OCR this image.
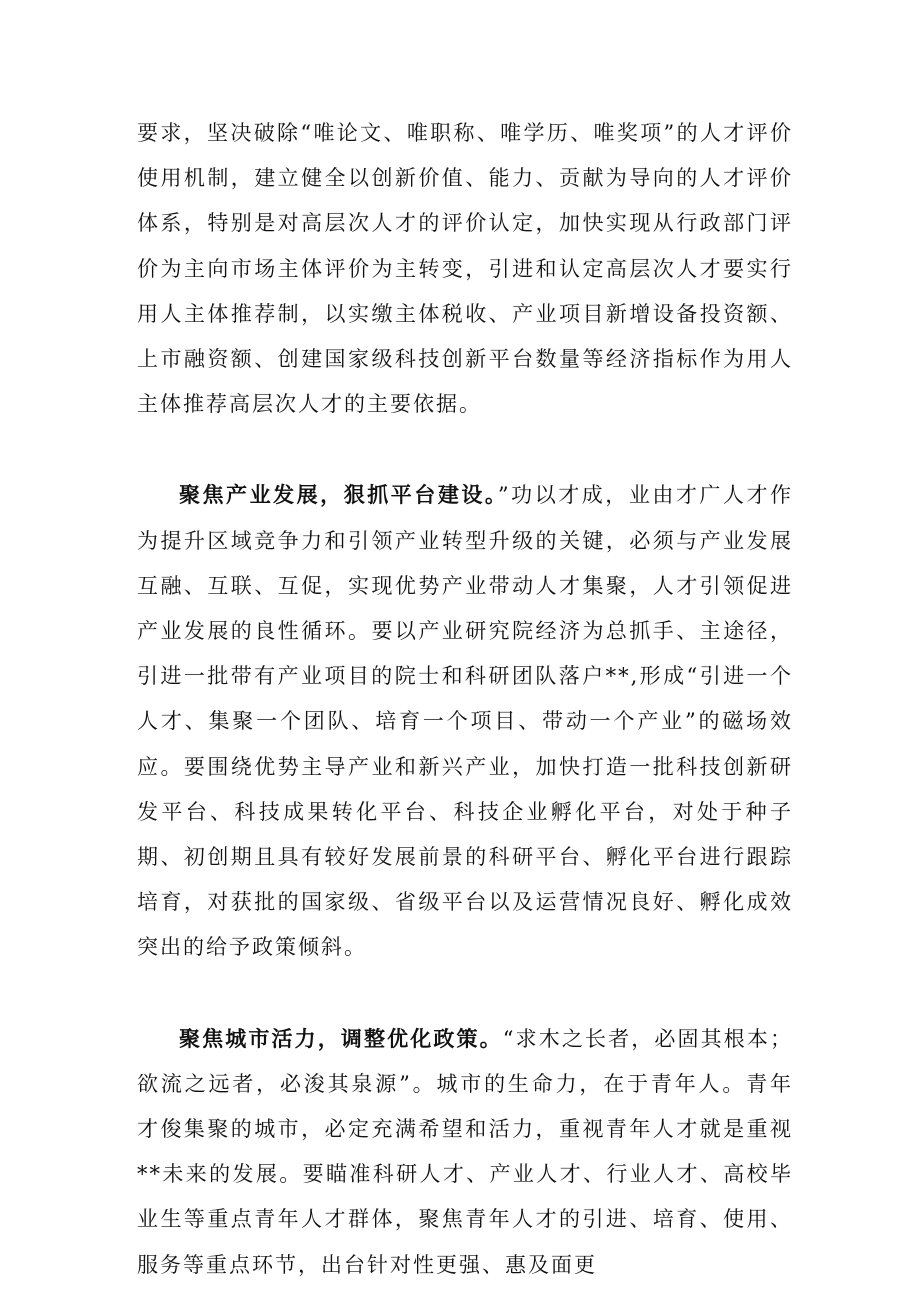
要求，坚决破除“唯论文、唯职称、唯学历、唯奖项”的人才评价使用机制，建立健全以创新价值、能力、贡献为导向的人才评价体系，特别是对高层次人才的评价认定，加快实现从行政部门评价为主向市场主体评价为主转变，引进和认定高层次人才要实行用人主体推荐制，以实缴主体税收、产业项目新增设备投资额、上市融资额、创建国家级科技创新平台数量等经济指标作为用人主体推荐高层次人才的主要依据。

聚焦产业发展，狠抓平台建设。”功以才成，业由才广人才作为提升区域竞争力和引领产业转型升级的关键，必须与产业发展互融、互联、互促，实现优势产业带动人才集聚，人才引领促进产业发展的良性循环。要以产业研究院经济为总抓手、主途径，引进一批带有产业项目的院士和科研团队落户**,形成“引进一个人才、集聚一个团队、培育一个项目、带动一个产业”的磁场效应。要围绕优势主导产业和新兴产业，加快打造一批科技创新研发平台、科技成果转化平台、科技企业孵化平台，对处于种子期、初创期且具有较好发展前景的科研平台、孵化平台进行跟踪培育，对获批的国家级、省级平台以及运营情况良好、孵化成效突出的给予政策倾斜。

聚焦城市活力，调整优化政策。“求木之长者，必固其根本；欲流之远者，必浚其泉源”。城市的生命力，在于青年人。青年才俊集聚的城市，必定充满希望和活力，重视青年人才就是重视**未来的发展。要瞄准科研人才、产业人才、行业人才、高校毕业生等重点青年人才群体，聚焦青年人才的引进、培育、使用、服务等重点环节，出台针对性更强、惠及面更
